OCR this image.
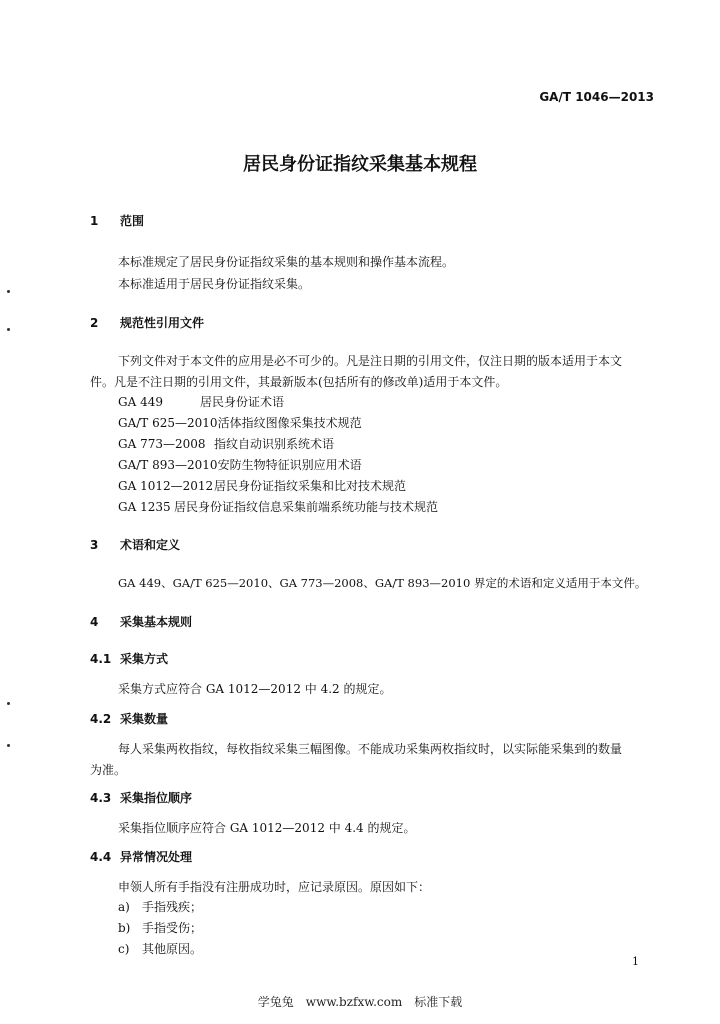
GA/T 1046—2013
居民身份证指纹采集基本规程
1 范围
本标准规定了居民身份证指纹采集的基本规则和操作基本流程。
本标准适用于居民身份证指纹采集。
2 规范性引用文件
下列文件对于本文件的应用是必不可少的。凡是注日期的引用文件，仅注日期的版本适用于本文
件。凡是不注日期的引用文件，其最新版本(包括所有的修改单)适用于本文件。
GA 449	居民身份证术语
GA/T 625—2010活体指纹图像采集技术规范
GA 773—2008 指纹自动识别系统术语
GA/T 893—2010安防生物特征识别应用术语
GA 1012—2012居民身份证指纹采集和比对技术规范
GA 1235 居民身份证指纹信息采集前端系统功能与技术规范
3 术语和定义
GA 449、GA/T 625—2010、GA 773—2008、GA/T 893—2010 界定的术语和定义适用于本文件。
4 采集基本规则
4.1 采集方式
采集方式应符合 GA 1012—2012 中 4.2 的规定。
4.2 采集数量
每人采集两枚指纹，每枚指纹采集三幅图像。不能成功采集两枚指纹时，以实际能采集到的数量
为准。
4.3 采集指位顺序
采集指位顺序应符合 GA 1012—2012 中 4.4 的规定。
4.4 异常情况处理
申领人所有手指没有注册成功时，应记录原因。原因如下：
a) 手指残疾；
b) 手指受伤；
c) 其他原因。
1
学兔兔　www.bzfxw.com　标准下载
